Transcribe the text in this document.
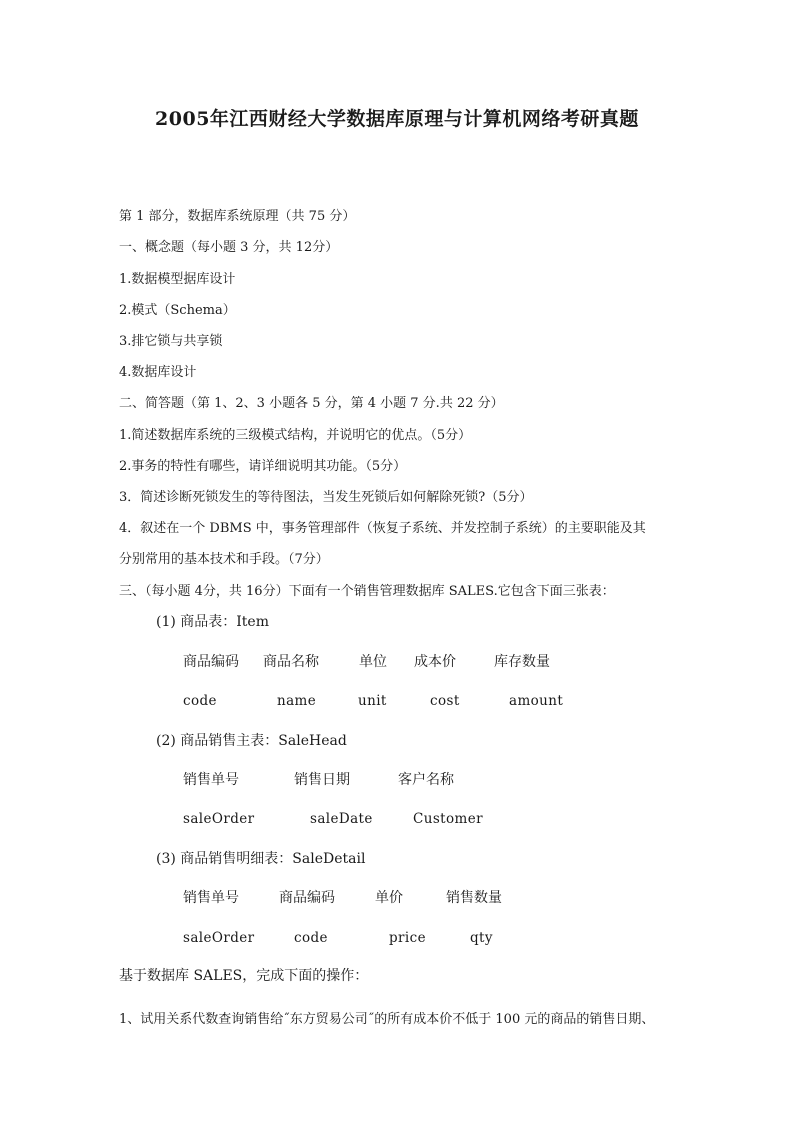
2005年江西财经大学数据库原理与计算机网络考研真题
第 1 部分，数据库系统原理（共 75 分）
一、概念题（每小题 3 分，共 12分）
1.数据模型据库设计
2.模式（Schema）
3.排它锁与共享锁
4.数据库设计
二、简答题（第 1、2、3 小题各 5 分，第 4 小题 7 分.共 22 分）
1.简述数据库系统的三级模式结构，并说明它的优点。（5分）
2.事务的特性有哪些，请详细说明其功能。（5分）
3．简述诊断死锁发生的等待图法，当发生死锁后如何解除死锁?（5分）
4．叙述在一个 DBMS 中，事务管理部件（恢复子系统、并发控制子系统）的主要职能及其
分别常用的基本技术和手段。（7分）
三、（每小题 4分，共 16分）下面有一个销售管理数据库 SALES.它包含下面三张表：
(1) 商品表：Item
商品编码 商品名称	单位 成本价	库存数量
code	name	unit	cost	amount
(2) 商品销售主表：SaleHead
销售单号	销售日期	客户名称
saleOrder	saleDate	Customer
(3) 商品销售明细表：SaleDetail
销售单号	商品编码	单价	销售数量
saleOrder	code	price	qty
基于数据库 SALES，完成下面的操作：
1、试用关系代数查询销售给˝东方贸易公司˝的所有成本价不低于 100 元的商品的销售日期、
